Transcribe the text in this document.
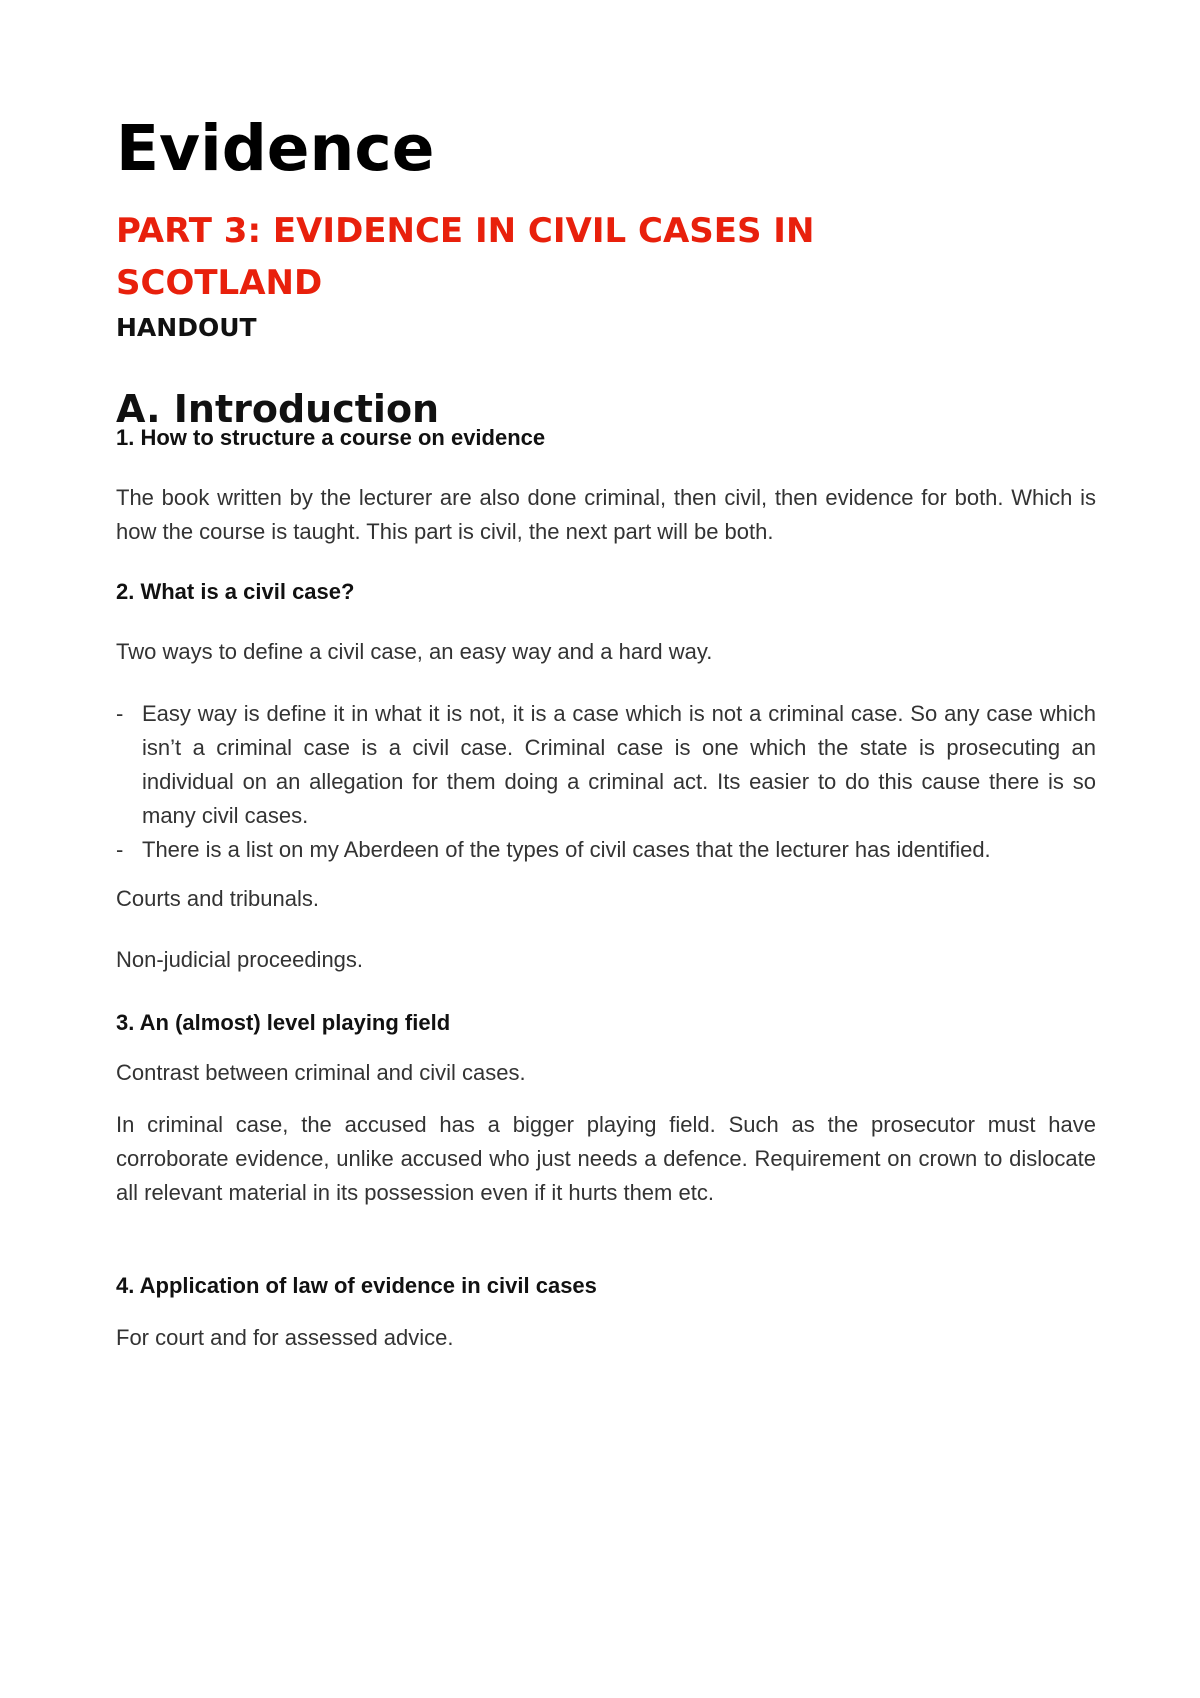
Evidence
PART 3: EVIDENCE IN CIVIL CASES IN SCOTLAND
HANDOUT
A. Introduction
1. How to structure a course on evidence

The book written by the lecturer are also done criminal, then civil, then evidence for both. Which is how the course is taught. This part is civil, the next part will be both.

2. What is a civil case?

Two ways to define a civil case, an easy way and a hard way.

- Easy way is define it in what it is not, it is a case which is not a criminal case. So any case which isn’t a criminal case is a civil case. Criminal case is one which the state is prosecuting an individual on an allegation for them doing a criminal act. Its easier to do this cause there is so many civil cases.
- There is a list on my Aberdeen of the types of civil cases that the lecturer has identified.

Courts and tribunals.

Non-judicial proceedings.

3. An (almost) level playing field

Contrast between criminal and civil cases.

In criminal case, the accused has a bigger playing field. Such as the prosecutor must have corroborate evidence, unlike accused who just needs a defence. Requirement on crown to dislocate all relevant material in its possession even if it hurts them etc.

4. Application of law of evidence in civil cases

For court and for assessed advice.
